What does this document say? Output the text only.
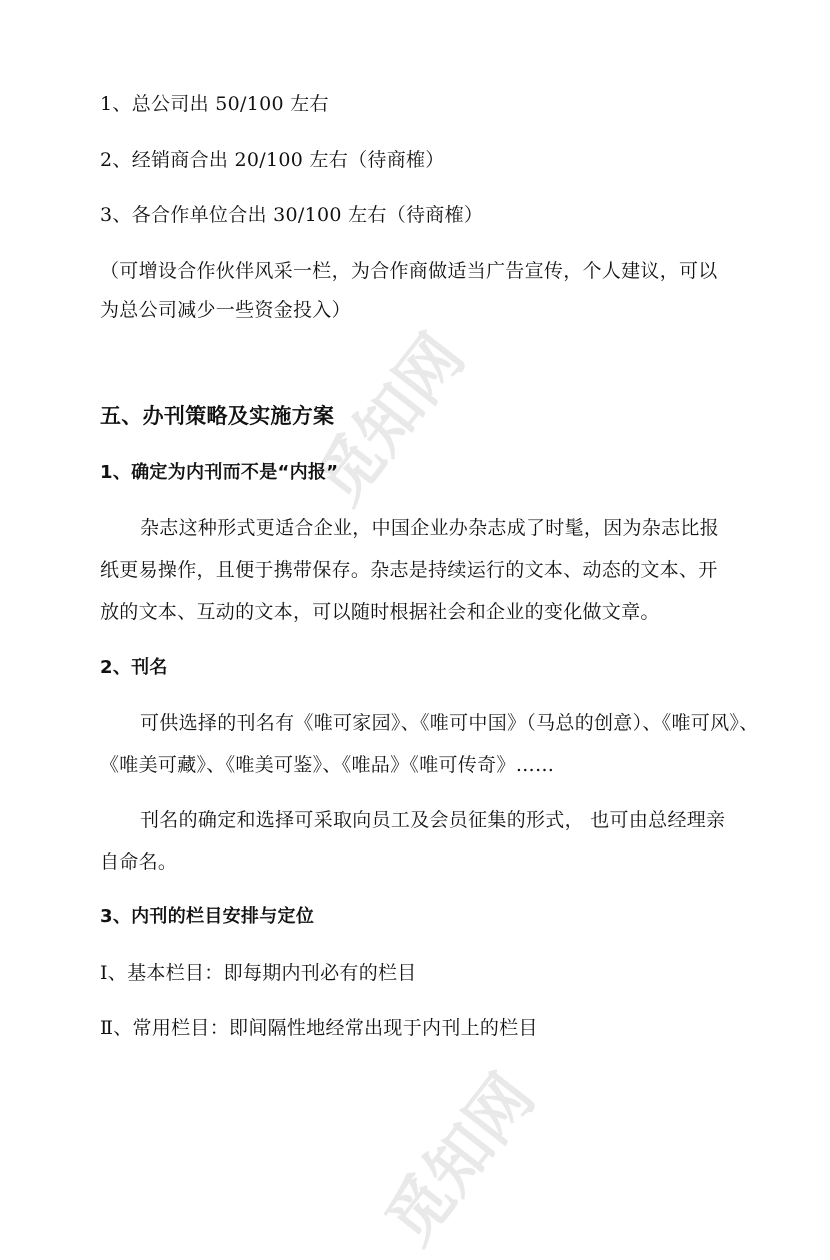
觅知网
觅知网
1、总公司出 50/100 左右
2、经销商合出 20/100 左右（待商榷）
3、各合作单位合出 30/100 左右（待商榷）
（可增设合作伙伴风采一栏，为合作商做适当广告宣传，个人建议，可以
为总公司减少一些资金投入）
五、办刊策略及实施方案
1、确定为内刊而不是“内报”
杂志这种形式更适合企业，中国企业办杂志成了时髦，因为杂志比报
纸更易操作，且便于携带保存。杂志是持续运行的文本、动态的文本、开
放的文本、互动的文本，可以随时根据社会和企业的变化做文章。
2、刊名
可供选择的刊名有《唯可家园》、《唯可中国》（马总的创意）、《唯可风》、
《唯美可藏》、《唯美可鉴》、《唯品》《唯可传奇》……
刊名的确定和选择可采取向员工及会员征集的形式， 也可由总经理亲
自命名。
3、内刊的栏目安排与定位
Ⅰ、基本栏目：即每期内刊必有的栏目
Ⅱ、常用栏目：即间隔性地经常出现于内刊上的栏目
